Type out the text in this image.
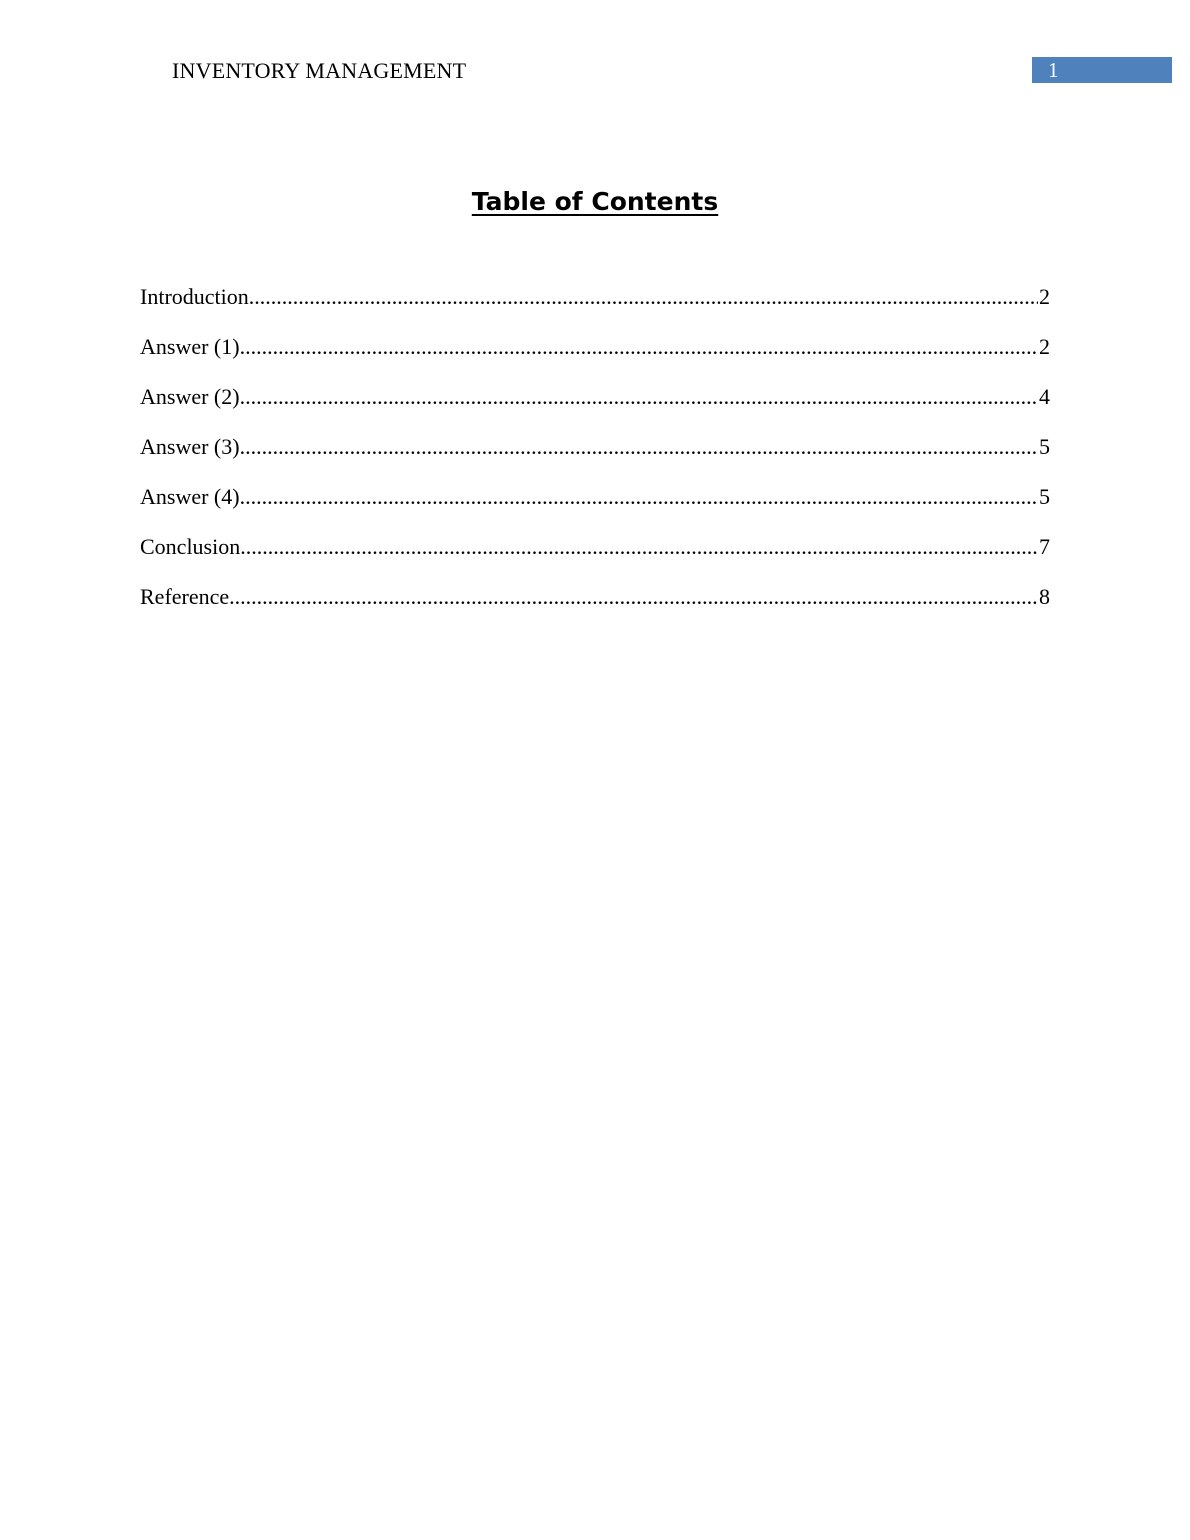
INVENTORY MANAGEMENT	1
Table of Contents
Introduction .....	2
Answer (1) .....	2
Answer (2) .....	4
Answer (3) .....	5
Answer (4) .....	5
Conclusion .....	7
Reference .....	8
